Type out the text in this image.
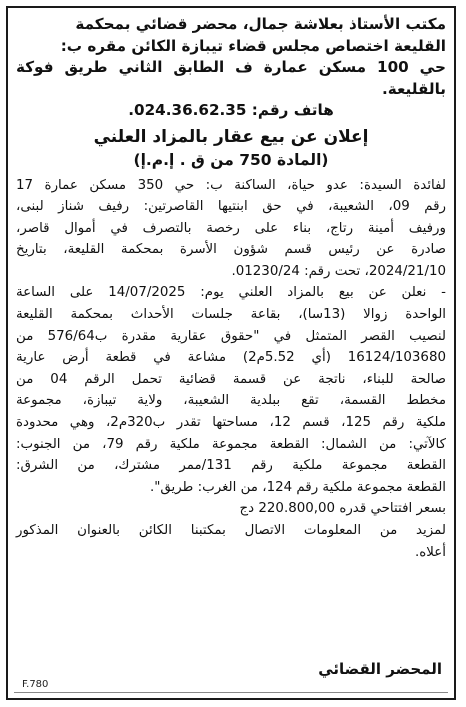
مكتب الأستاذ بعلاشة جمال، محضر قضائي بمحكمة

القليعة اختصاص مجلس قضاء تيبازة الكائن مقره ب:

حي 100 مسكن عمارة ف الطابق الثاني طريق فوكة بالقليعة.

هاتف رقم: 024.36.62.35.

إعلان عن بيع عقار بالمزاد العلني

(المادة 750 من ق . إ.م.إ)

لفائدة السيدة: عدو حياة، الساكنة ب: حي 350 مسكن عمارة 17
رقم 09، الشعيبة، في حق ابنتيها القاصرتين: رفيف شناز لبنى،
ورفيف أمينة رتاج، بناء على رخصة بالتصرف في أموال قاصر،
صادرة عن رئيس قسم شؤون الأسرة بمحكمة القليعة، بتاريخ
2024/21/10، تحت رقم: 01230/24.
- نعلن عن بيع بالمزاد العلني يوم: 14/07/2025 على الساعة
الواحدة زوالا (13سا)، بقاعة جلسات الأحداث بمحكمة القليعة
لنصيب القصر المتمثل في "حقوق عقارية مقدرة ب576/64 من
16124/103680 (أي 5.52م2) مشاعة في قطعة أرض عارية
صالحة للبناء، ناتجة عن قسمة قضائية تحمل الرقم 04 من
مخطط القسمة، تقع ببلدية الشعيبة، ولاية تيبازة، مجموعة
ملكية رقم 125، قسم 12، مساحتها تقدر ب320م2، وهي محدودة
كالآتي: من الشمال: القطعة مجموعة ملكية رقم 79، من الجنوب:
القطعة مجموعة ملكية رقم 131/ممر مشترك، من الشرق:
القطعة مجموعة ملكية رقم 124، من الغرب: طريق".
بسعر افتتاحي قدره 220.800,00 دج
لمزيد من المعلومات الاتصال بمكتبنا الكائن بالعنوان المذكور
أعلاه.
المحضر القضائي
F.780
